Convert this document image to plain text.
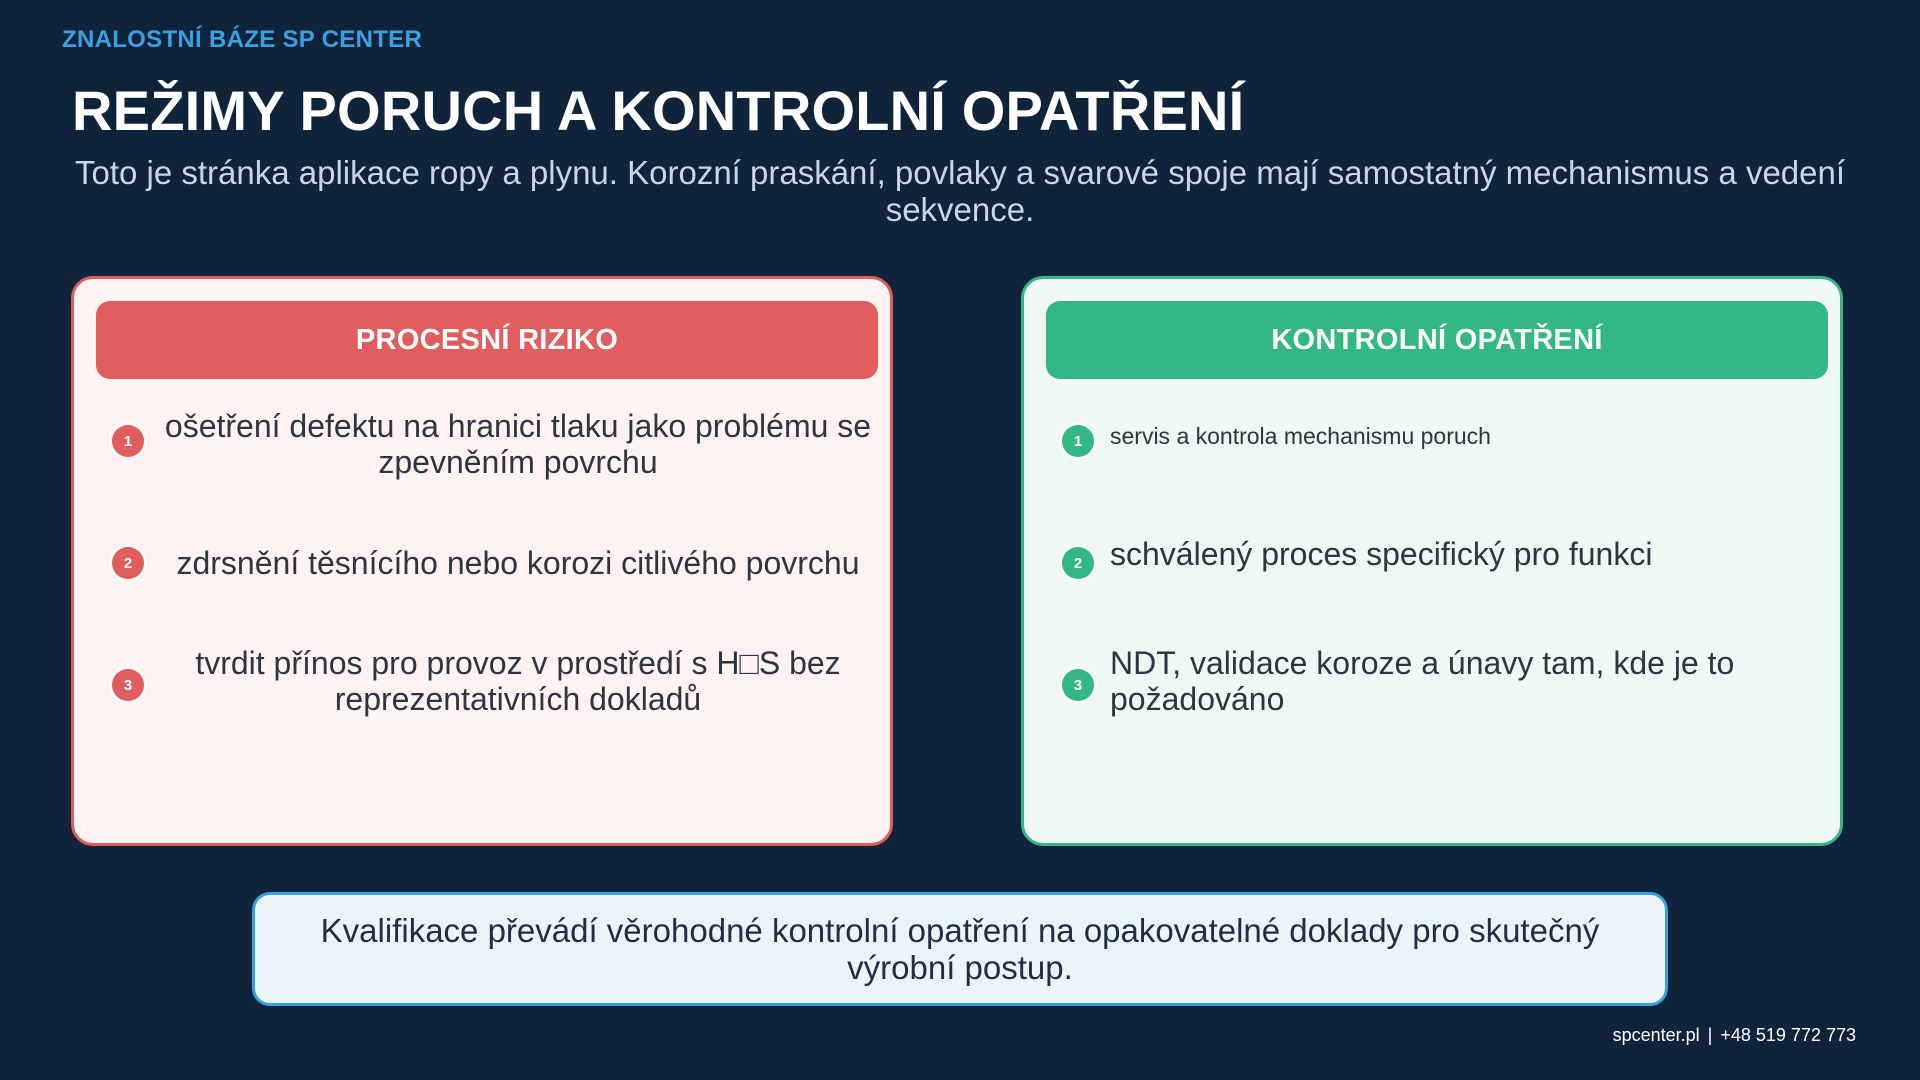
ZNALOSTNÍ BÁZE SP CENTER
REŽIMY PORUCH A KONTROLNÍ OPATŘENÍ
Toto je stránka aplikace ropy a plynu. Korozní praskání, povlaky a svarové spoje mají samostatný mechanismus a vedení sekvence.
PROCESNÍ RIZIKO
1	ošetření defektu na hranici tlaku jako problému se zpevněním povrchu
2	zdrsnění těsnícího nebo korozi citlivého povrchu
3
tvrdit přínos pro provoz v prostředí s H□S bez reprezentativních dokladů
KONTROLNÍ OPATŘENÍ
1	servis a kontrola mechanismu poruch
2 schválený proces specifický pro funkci
3
NDT, validace koroze a únavy tam, kde je to požadováno
Kvalifikace převádí věrohodné kontrolní opatření na opakovatelné doklady pro skutečný výrobní postup.
spcenter.pl | +48 519 772 773
